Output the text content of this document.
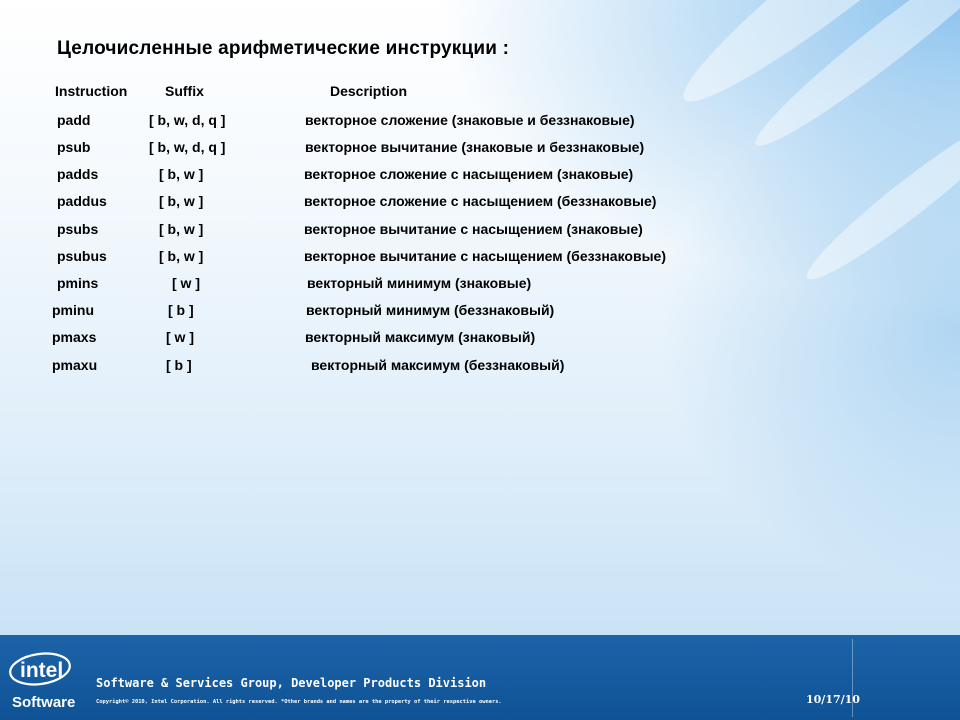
Целочисленные арифметические инструкции :
Instruction	Suffix	Description
padd	[ b, w, d, q ]	векторное сложение (знаковые и беззнаковые)
psub	[ b, w, d, q ]	векторное вычитание (знаковые и беззнаковые)
padds	[ b, w ]	векторное сложение с насыщением (знаковые)
paddus	[ b, w ]	векторное сложение с насыщением (беззнаковые)
psubs	[ b, w ]	векторное вычитание с насыщением (знаковые)
psubus	[ b, w ]	векторное вычитание с насыщением (беззнаковые)
pmins	[ w ]	векторный минимум (знаковые)
pminu	[ b ]	векторный минимум (беззнаковый)
pmaxs	[ w ]	векторный максимум (знаковый)
pmaxu	[ b ]	векторный максимум (беззнаковый)
intel
Software
Software & Services Group, Developer Products Division
Copyright© 2010, Intel Corporation. All rights reserved. *Other brands and names are the property of their respective owners.	10/17/10
